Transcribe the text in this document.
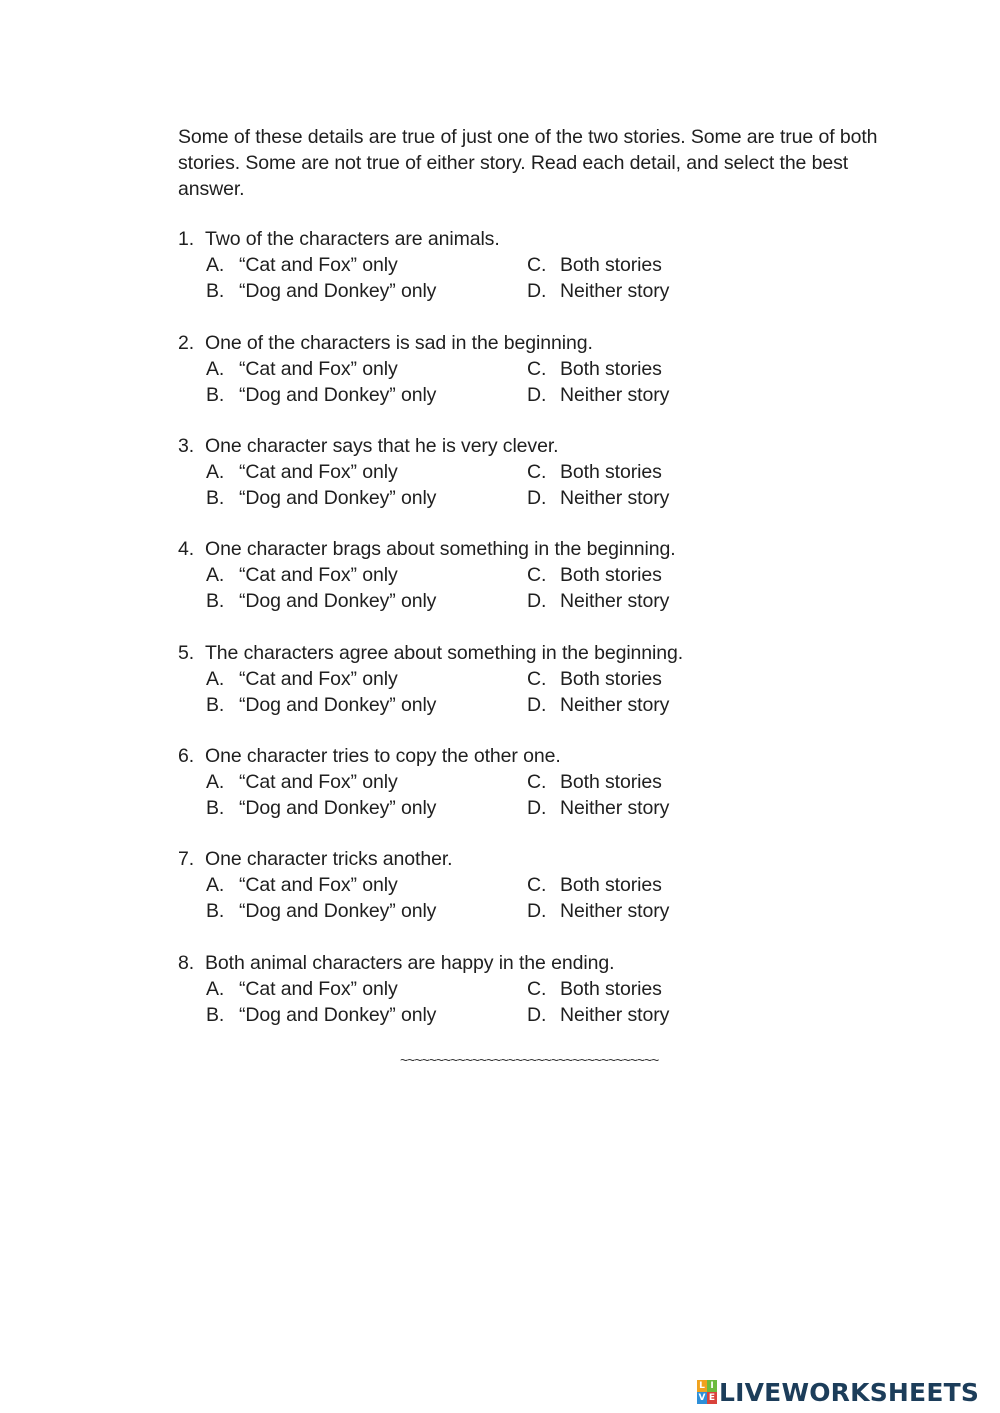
Some of these details are true of just one of the two stories. Some are true of both stories. Some are not true of either story. Read each detail, and select the best answer.
1. Two of the characters are animals.
A. “Cat and Fox” only	C. Both stories
B. “Dog and Donkey” only	D. Neither story
2. One of the characters is sad in the beginning.
A. “Cat and Fox” only	C. Both stories
B. “Dog and Donkey” only	D. Neither story
3. One character says that he is very clever.
A. “Cat and Fox” only	C. Both stories
B. “Dog and Donkey” only	D. Neither story
4. One character brags about something in the beginning.
A. “Cat and Fox” only	C. Both stories
B. “Dog and Donkey” only	D. Neither story
5. The characters agree about something in the beginning.
A. “Cat and Fox” only	C. Both stories
B. “Dog and Donkey” only	D. Neither story
6. One character tries to copy the other one.
A. “Cat and Fox” only	C. Both stories
B. “Dog and Donkey” only	D. Neither story
7. One character tricks another.
A. “Cat and Fox” only	C. Both stories
B. “Dog and Donkey” only	D. Neither story
8. Both animal characters are happy in the ending.
A. “Cat and Fox” only	C. Both stories
B. “Dog and Donkey” only	D. Neither story
~~~~~~~~~~~~~~~~~~~~~~~~~~~~~~~~~~~~
L I
V E LIVEWORKSHEETS
